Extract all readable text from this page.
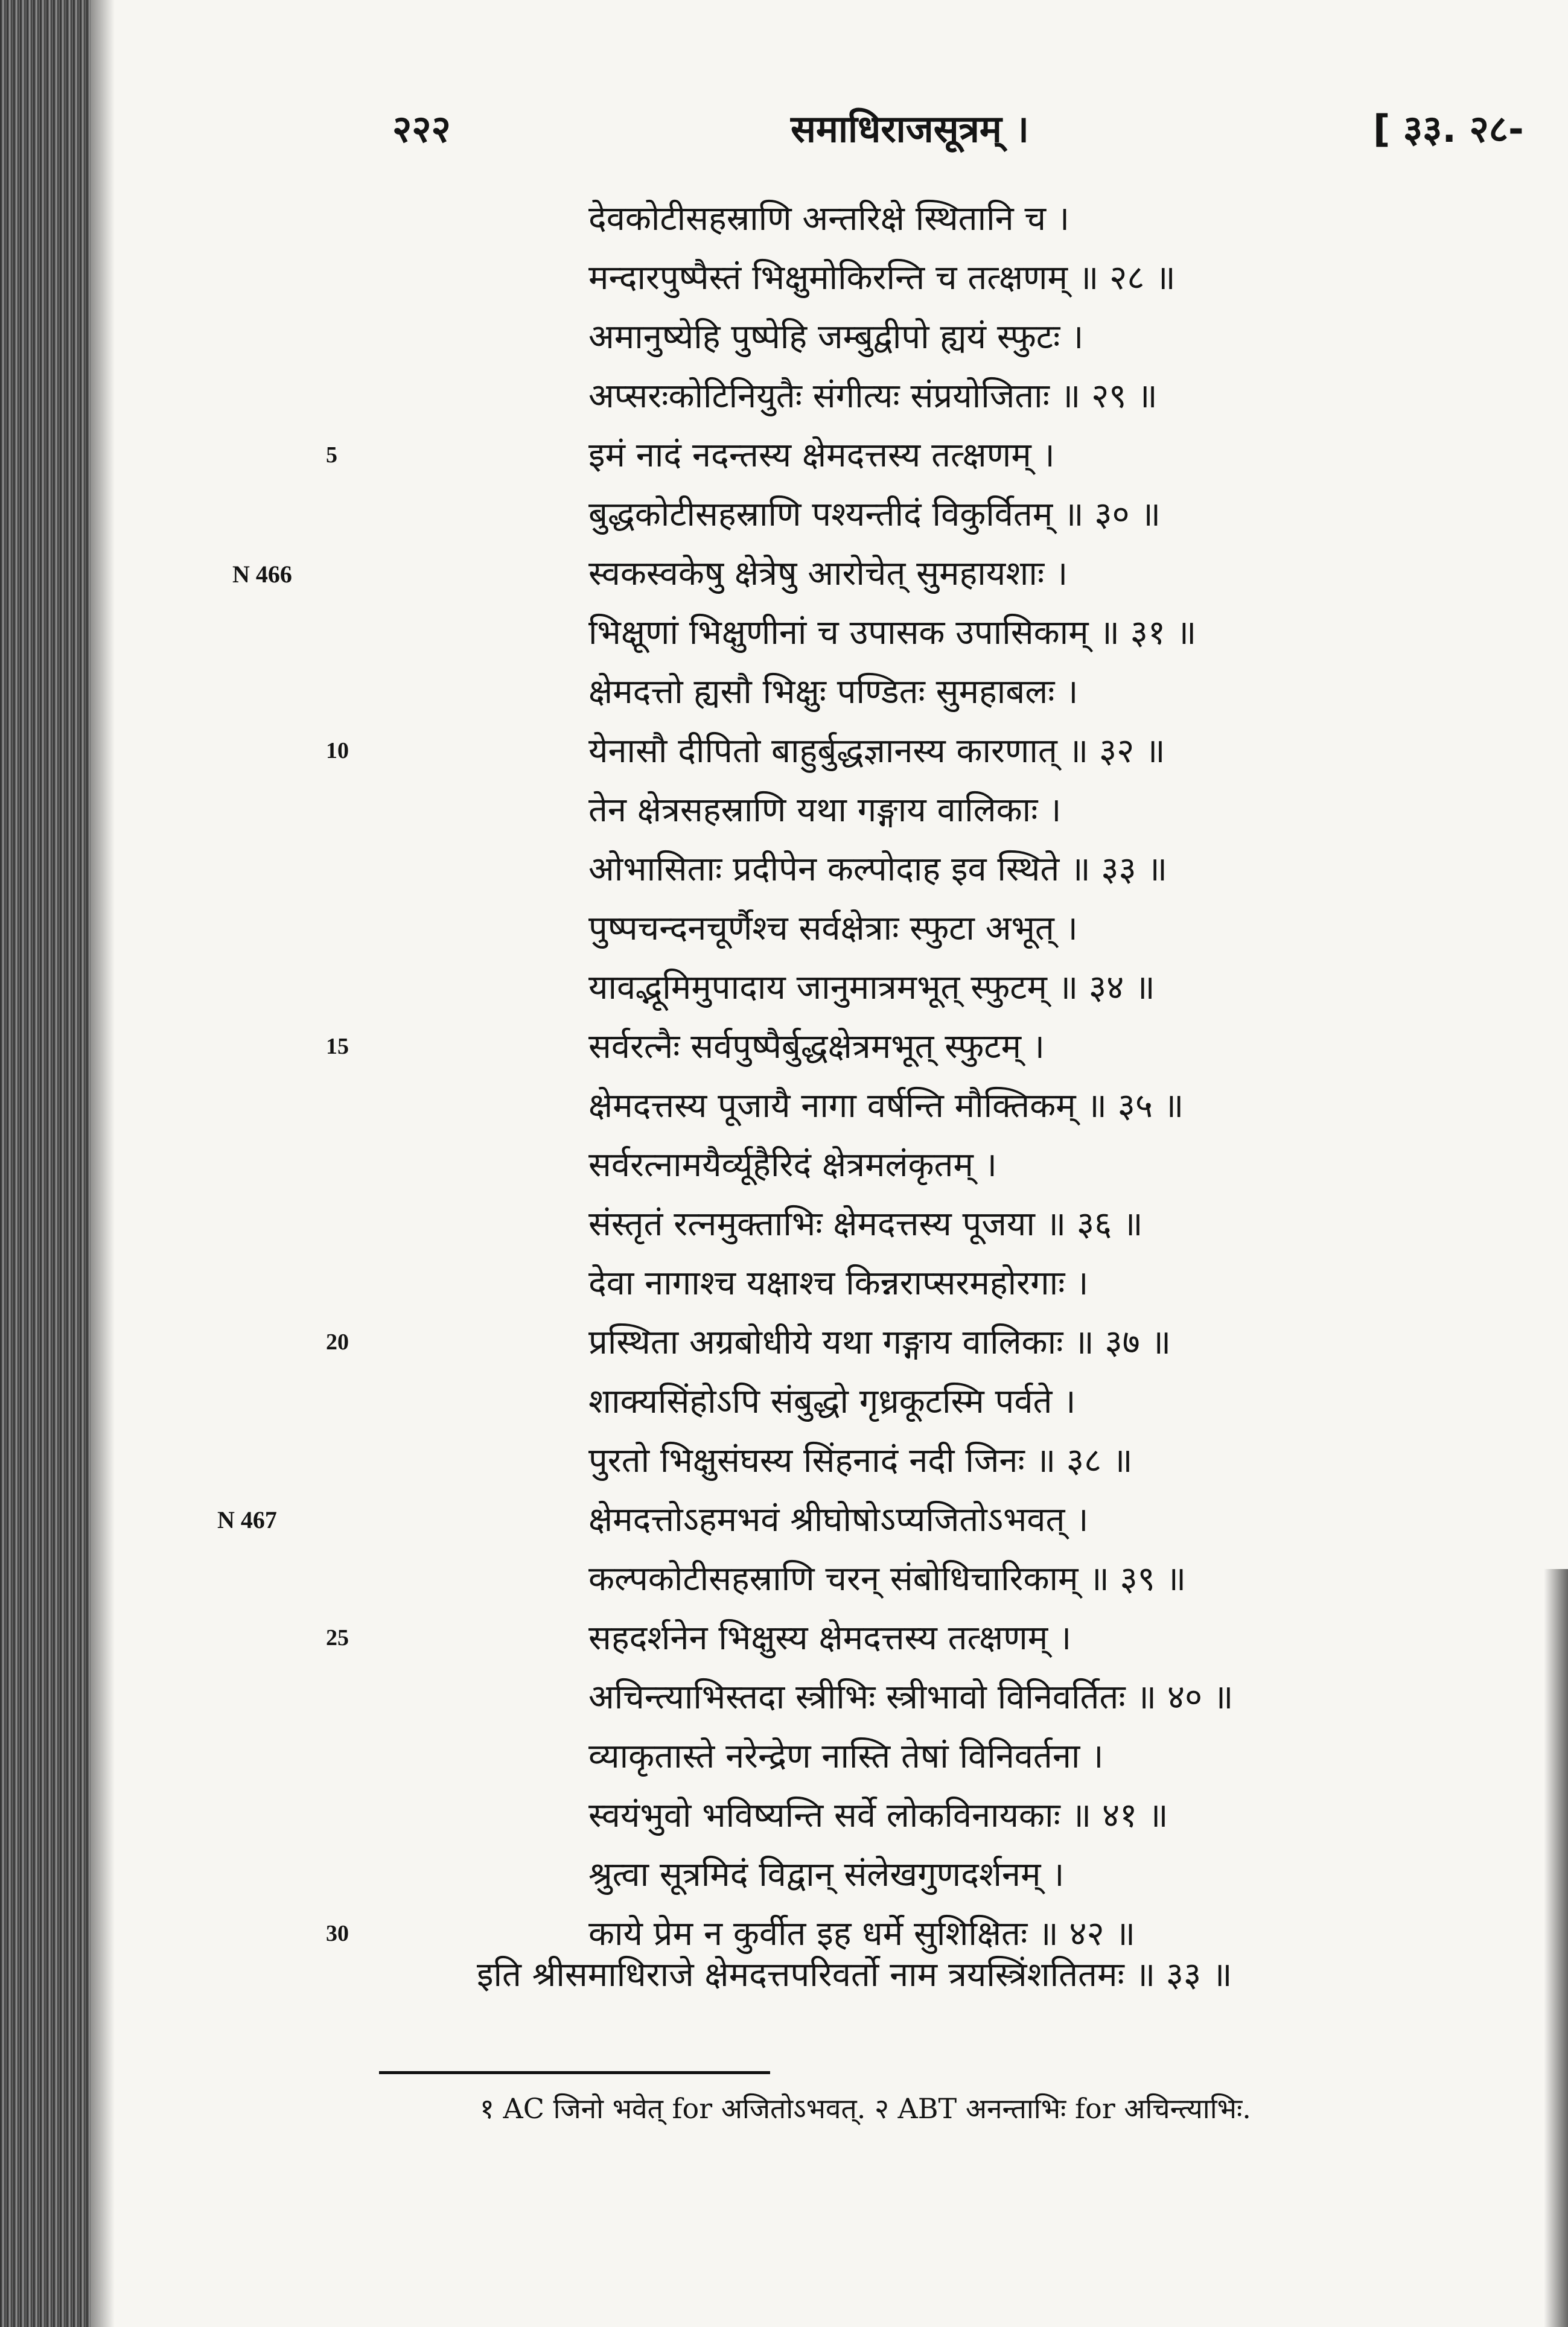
२२२	समाधिराजसूत्रम् ।	[ ३३. २८-
देवकोटीसहस्राणि अन्तरिक्षे स्थितानि च ।
मन्दारपुष्पैस्तं भिक्षुमोकिरन्ति च तत्क्षणम् ॥ २८ ॥
अमानुष्येहि पुष्पेहि जम्बुद्वीपो ह्ययं स्फुटः ।
अप्सरःकोटिनियुतैः संगीत्यः संप्रयोजिताः ॥ २९ ॥
इमं नादं नदन्तस्य क्षेमदत्तस्य तत्क्षणम् ।
बुद्धकोटीसहस्राणि पश्यन्तीदं विकुर्वितम् ॥ ३० ॥
स्वकस्वकेषु क्षेत्रेषु आरोचेत् सुमहायशाः ।
भिक्षूणां भिक्षुणीनां च उपासक उपासिकाम् ॥ ३१ ॥
क्षेमदत्तो ह्यसौ भिक्षुः पण्डितः सुमहाबलः ।
येनासौ दीपितो बाहुर्बुद्धज्ञानस्य कारणात् ॥ ३२ ॥
तेन क्षेत्रसहस्राणि यथा गङ्गाय वालिकाः ।
ओभासिताः प्रदीपेन कल्पोदाह इव स्थिते ॥ ३३ ॥
पुष्पचन्दनचूर्णैश्च सर्वक्षेत्राः स्फुटा अभूत् ।
यावद्भूमिमुपादाय जानुमात्रमभूत् स्फुटम् ॥ ३४ ॥
सर्वरत्नैः सर्वपुष्पैर्बुद्धक्षेत्रमभूत् स्फुटम् ।
क्षेमदत्तस्य पूजायै नागा वर्षन्ति मौक्तिकम् ॥ ३५ ॥
सर्वरत्नामयैर्व्यूहैरिदं क्षेत्रमलंकृतम् ।
संस्तृतं रत्नमुक्ताभिः क्षेमदत्तस्य पूजया ॥ ३६ ॥
देवा नागाश्च यक्षाश्च किन्नराप्सरमहोरगाः ।
प्रस्थिता अग्रबोधीये यथा गङ्गाय वालिकाः ॥ ३७ ॥
शाक्यसिंहोऽपि संबुद्धो गृध्रकूटस्मि पर्वते ।
पुरतो भिक्षुसंघस्य सिंहनादं नदी जिनः ॥ ३८ ॥
क्षेमदत्तोऽहमभवं श्रीघोषोऽप्यजितोऽभवत् ।
कल्पकोटीसहस्राणि चरन् संबोधिचारिकाम् ॥ ३९ ॥
सहदर्शनेन भिक्षुस्य क्षेमदत्तस्य तत्क्षणम् ।
अचिन्त्याभिस्तदा स्त्रीभिः स्त्रीभावो विनिवर्तितः ॥ ४० ॥
व्याकृतास्ते नरेन्द्रेण नास्ति तेषां विनिवर्तना ।
स्वयंभुवो भविष्यन्ति सर्वे लोकविनायकाः ॥ ४१ ॥
श्रुत्वा सूत्रमिदं विद्वान् संलेखगुणदर्शनम् ।
काये प्रेम न कुर्वीत इह धर्मे सुशिक्षितः ॥ ४२ ॥
इति श्रीसमाधिराजे क्षेमदत्तपरिवर्तो नाम त्रयस्त्रिंशतितमः ॥ ३३ ॥
5
10
15
20
25
30
N 466
N 467
१ AC जिनो भवेत् for अजितोऽभवत्. २ ABT अनन्ताभिः for अचिन्त्याभिः.
